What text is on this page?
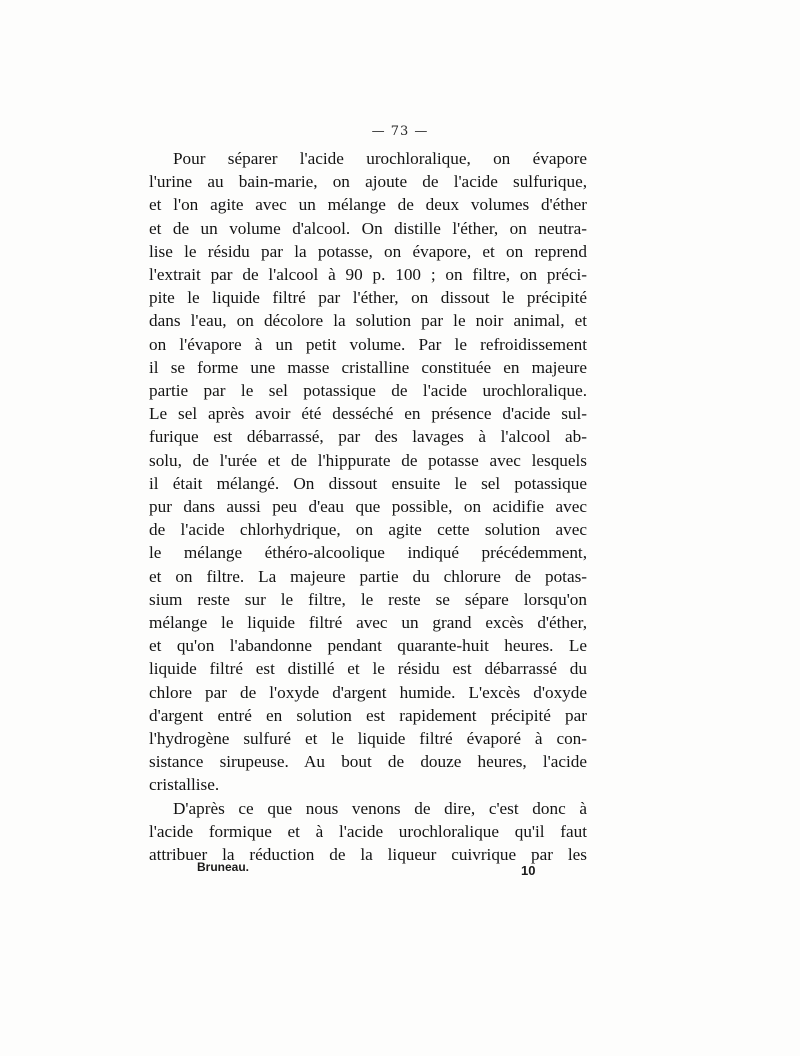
— 73 —

Pour séparer l'acide urochloralique, on évapore

l'urine au bain-marie, on ajoute de l'acide sulfurique,

et l'on agite avec un mélange de deux volumes d'éther

et de un volume d'alcool. On distille l'éther, on neutra-

lise le résidu par la potasse, on évapore, et on reprend

l'extrait par de l'alcool à 90 p. 100 ; on filtre, on préci-

pite le liquide filtré par l'éther, on dissout le précipité

dans l'eau, on décolore la solution par le noir animal, et

on l'évapore à un petit volume. Par le refroidissement

il se forme une masse cristalline constituée en majeure

partie par le sel potassique de l'acide urochloralique.

Le sel après avoir été desséché en présence d'acide sul-

furique est débarrassé, par des lavages à l'alcool ab-

solu, de l'urée et de l'hippurate de potasse avec lesquels

il était mélangé. On dissout ensuite le sel potassique

pur dans aussi peu d'eau que possible, on acidifie avec

de l'acide chlorhydrique, on agite cette solution avec

le mélange éthéro-alcoolique indiqué précédemment,

et on filtre. La majeure partie du chlorure de potas-

sium reste sur le filtre, le reste se sépare lorsqu'on

mélange le liquide filtré avec un grand excès d'éther,

et qu'on l'abandonne pendant quarante-huit heures. Le

liquide filtré est distillé et le résidu est débarrassé du

chlore par de l'oxyde d'argent humide. L'excès d'oxyde

d'argent entré en solution est rapidement précipité par

l'hydrogène sulfuré et le liquide filtré évaporé à con-

sistance sirupeuse. Au bout de douze heures, l'acide

cristallise.

D'après ce que nous venons de dire, c'est donc à

l'acide formique et à l'acide urochloralique qu'il faut

attribuer la réduction de la liqueur cuivrique par les

Bruneau.	10
